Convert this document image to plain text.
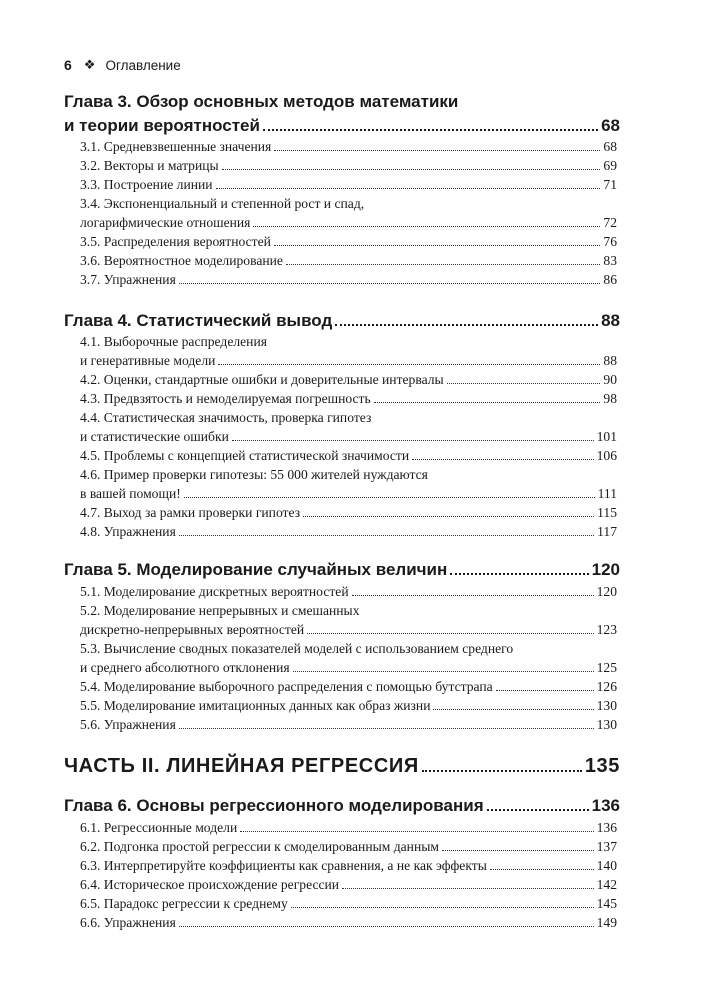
6 ❖ Оглавление
Глава 3. Обзор основных методов математики
и теории вероятностей	68
3.1. Средневзвешенные значения	68
3.2. Векторы и матрицы	69
3.3. Построение линии	71
3.4. Экспоненциальный и степенной рост и спад,
логарифмические отношения	72
3.5. Распределения вероятностей	76
3.6. Вероятностное моделирование	83
3.7. Упражнения	86
Глава 4. Статистический вывод	88
4.1. Выборочные распределения
и генеративные модели	88
4.2. Оценки, стандартные ошибки и доверительные интервалы	90
4.3. Предвзятость и немоделируемая погрешность	98
4.4. Статистическая значимость, проверка гипотез
и статистические ошибки	101
4.5. Проблемы с концепцией статистической значимости	106
4.6. Пример проверки гипотезы: 55 000 жителей нуждаются
в вашей помощи!	111
4.7. Выход за рамки проверки гипотез	115
4.8. Упражнения	117
Глава 5. Моделирование случайных величин	120
5.1. Моделирование дискретных вероятностей	120
5.2. Моделирование непрерывных и смешанных
дискретно-непрерывных вероятностей	123
5.3. Вычисление сводных показателей моделей с использованием среднего
и среднего абсолютного отклонения	125
5.4. Моделирование выборочного распределения с помощью бутстрапа	126
5.5. Моделирование имитационных данных как образ жизни	130
5.6. Упражнения	130
ЧАСТЬ II. ЛИНЕЙНАЯ РЕГРЕССИЯ	135
Глава 6. Основы регрессионного моделирования	136
6.1. Регрессионные модели	136
6.2. Подгонка простой регрессии к смоделированным данным	137
6.3. Интерпретируйте коэффициенты как сравнения, а не как эффекты	140
6.4. Историческое происхождение регрессии	142
6.5. Парадокс регрессии к среднему	145
6.6. Упражнения	149
